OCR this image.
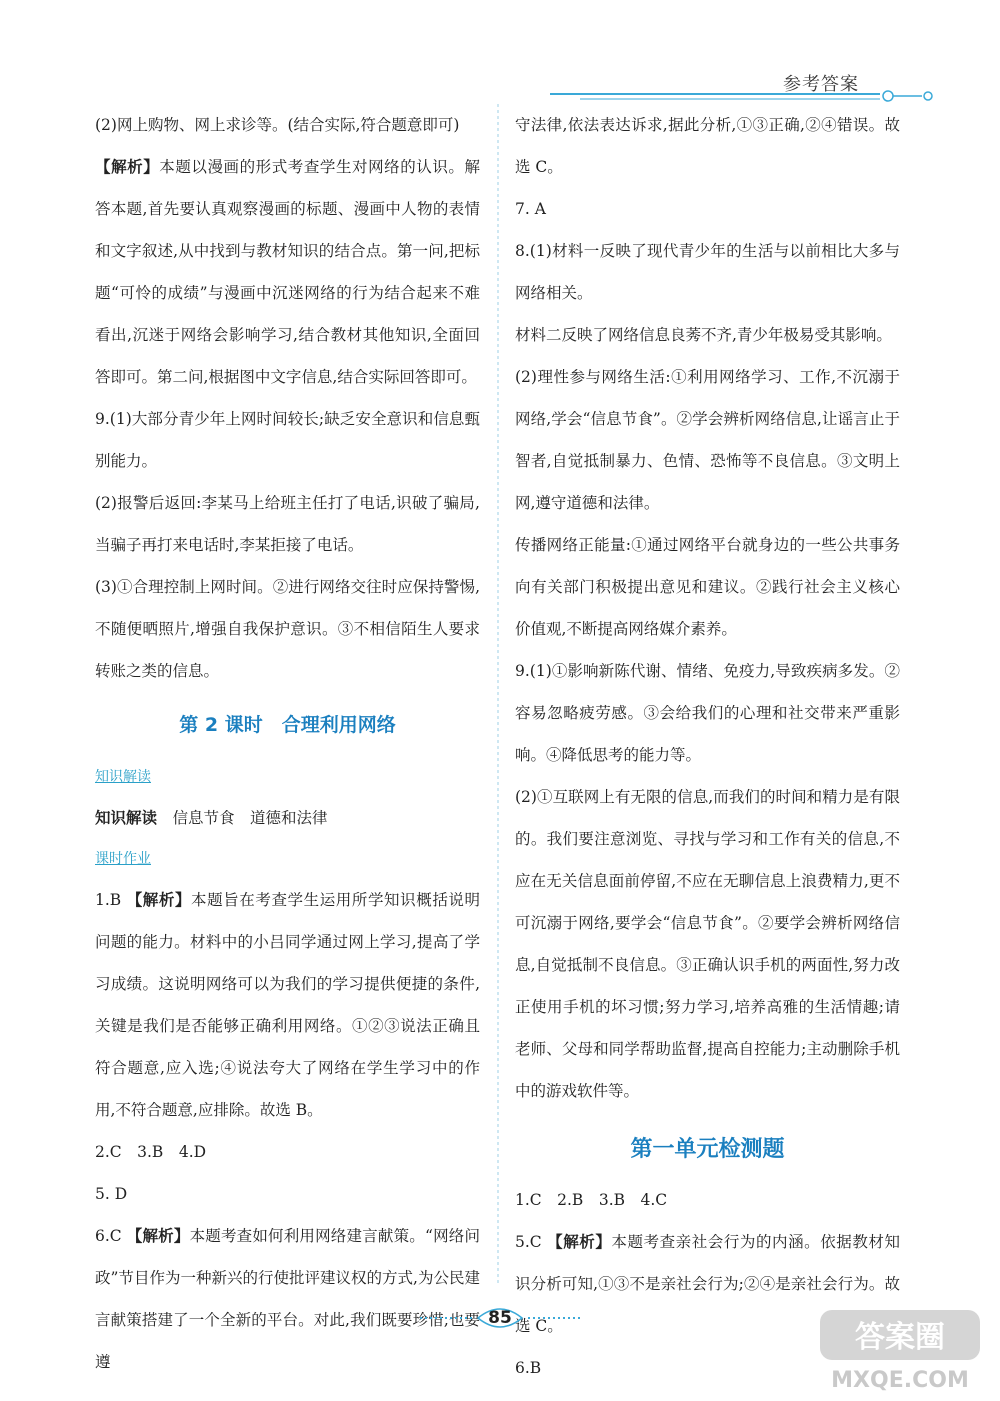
参考答案

(2)网上购物、网上求诊等。(结合实际,符合题意即可)

【解析】本题以漫画的形式考查学生对网络的认识。解答本题,首先要认真观察漫画的标题、漫画中人物的表情和文字叙述,从中找到与教材知识的结合点。第一问,把标题“可怜的成绩”与漫画中沉迷网络的行为结合起来不难看出,沉迷于网络会影响学习,结合教材其他知识,全面回答即可。第二问,根据图中文字信息,结合实际回答即可。

9.(1)大部分青少年上网时间较长;缺乏安全意识和信息甄别能力。

(2)报警后返回:李某马上给班主任打了电话,识破了骗局,当骗子再打来电话时,李某拒接了电话。

(3)①合理控制上网时间。②进行网络交往时应保持警惕,不随便晒照片,增强自我保护意识。③不相信陌生人要求转账之类的信息。

第 2 课时　合理利用网络
知识解读

知识解读　信息节食　道德和法律

课时作业

1.B 【解析】本题旨在考查学生运用所学知识概括说明问题的能力。材料中的小吕同学通过网上学习,提高了学习成绩。这说明网络可以为我们的学习提供便捷的条件,关键是我们是否能够正确利用网络。①②③说法正确且符合题意,应入选;④说法夸大了网络在学生学习中的作用,不符合题意,应排除。故选 B。

2.C　3.B　4.D

5. D

6.C 【解析】本题考查如何利用网络建言献策。“网络问政”节目作为一种新兴的行使批评建议权的方式,为公民建言献策搭建了一个全新的平台。对此,我们既要珍惜,也要遵

守法律,依法表达诉求,据此分析,①③正确,②④错误。故选 C。

7. A

8.(1)材料一反映了现代青少年的生活与以前相比大多与网络相关。

材料二反映了网络信息良莠不齐,青少年极易受其影响。

(2)理性参与网络生活:①利用网络学习、工作,不沉溺于网络,学会“信息节食”。②学会辨析网络信息,让谣言止于智者,自觉抵制暴力、色情、恐怖等不良信息。③文明上网,遵守道德和法律。

传播网络正能量:①通过网络平台就身边的一些公共事务向有关部门积极提出意见和建议。②践行社会主义核心价值观,不断提高网络媒介素养。

9.(1)①影响新陈代谢、情绪、免疫力,导致疾病多发。②容易忽略疲劳感。③会给我们的心理和社交带来严重影响。④降低思考的能力等。

(2)①互联网上有无限的信息,而我们的时间和精力是有限的。我们要注意浏览、寻找与学习和工作有关的信息,不应在无关信息面前停留,不应在无聊信息上浪费精力,更不可沉溺于网络,要学会“信息节食”。②要学会辨析网络信息,自觉抵制不良信息。③正确认识手机的两面性,努力改正使用手机的坏习惯;努力学习,培养高雅的生活情趣;请老师、父母和同学帮助监督,提高自控能力;主动删除手机中的游戏软件等。

第一单元检测题

1.C　2.B　3.B　4.C

5.C 【解析】本题考查亲社会行为的内涵。依据教材知识分析可知,①③不是亲社会行为;②④是亲社会行为。故选 C。

6.B

85
答案圈
MXQE.COM
